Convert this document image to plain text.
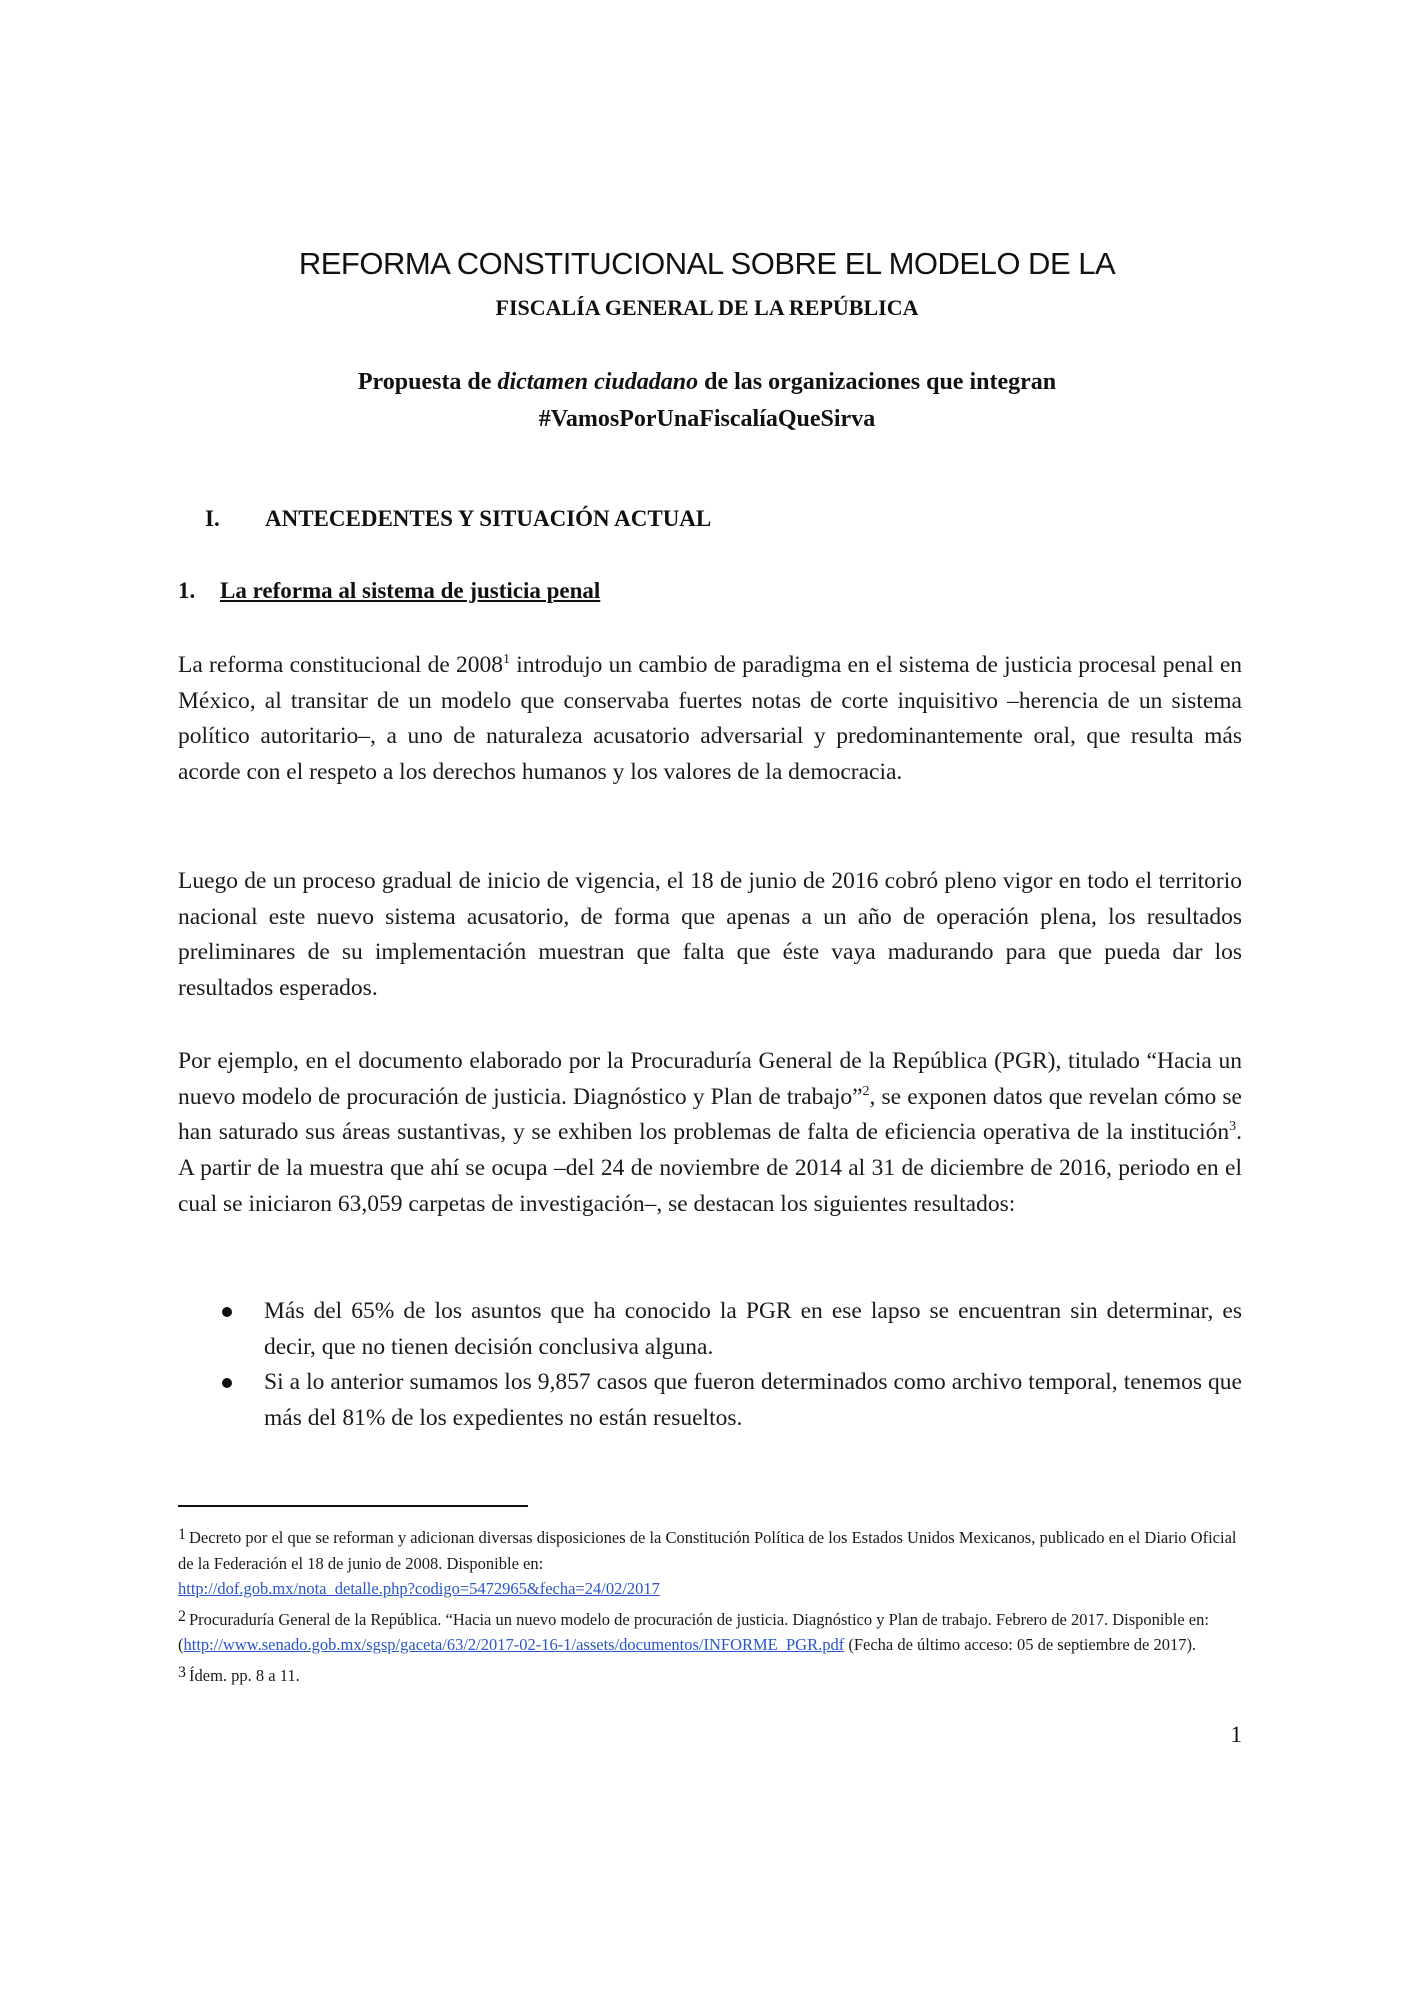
REFORMA CONSTITUCIONAL SOBRE EL MODELO DE LA
FISCALÍA GENERAL DE LA REPÚBLICA
Propuesta de dictamen ciudadano de las organizaciones que integran
#VamosPorUnaFiscalíaQueSirva
I. ANTECEDENTES Y SITUACIÓN ACTUAL
1. La reforma al sistema de justicia penal
La reforma constitucional de 2008$^1$ introdujo un cambio de paradigma en el sistema de justicia procesal penal en México, al transitar de un modelo que conservaba fuertes notas de corte inquisitivo –herencia de un sistema político autoritario–, a uno de naturaleza acusatorio adversarial y predominantemente oral, que resulta más acorde con el respeto a los derechos humanos y los valores de la democracia.
Luego de un proceso gradual de inicio de vigencia, el 18 de junio de 2016 cobró pleno vigor en todo el territorio nacional este nuevo sistema acusatorio, de forma que apenas a un año de operación plena, los resultados preliminares de su implementación muestran que falta que éste vaya madurando para que pueda dar los resultados esperados.
Por ejemplo, en el documento elaborado por la Procuraduría General de la República (PGR), titulado “Hacia un nuevo modelo de procuración de justicia. Diagnóstico y Plan de trabajo”$^2$, se exponen datos que revelan cómo se han saturado sus áreas sustantivas, y se exhiben los problemas de falta de eficiencia operativa de la institución$^3$. A partir de la muestra que ahí se ocupa –del 24 de noviembre de 2014 al 31 de diciembre de 2016, periodo en el cual se iniciaron 63,059 carpetas de investigación–, se destacan los siguientes resultados:
Más del 65% de los asuntos que ha conocido la PGR en ese lapso se encuentran sin determinar, es decir, que no tienen decisión conclusiva alguna.
Si a lo anterior sumamos los 9,857 casos que fueron determinados como archivo temporal, tenemos que más del 81% de los expedientes no están resueltos.
1 Decreto por el que se reforman y adicionan diversas disposiciones de la Constitución Política de los Estados Unidos Mexicanos, publicado en el Diario Oficial de la Federación el 18 de junio de 2008. Disponible en:
http://dof.gob.mx/nota_detalle.php?codigo=5472965&fecha=24/02/2017
2 Procuraduría General de la República. “Hacia un nuevo modelo de procuración de justicia. Diagnóstico y Plan de trabajo. Febrero de 2017. Disponible en: (http://www.senado.gob.mx/sgsp/gaceta/63/2/2017-02-16-1/assets/documentos/INFORME_PGR.pdf (Fecha de último acceso: 05 de septiembre de 2017).
3 Ídem. pp. 8 a 11.
1
